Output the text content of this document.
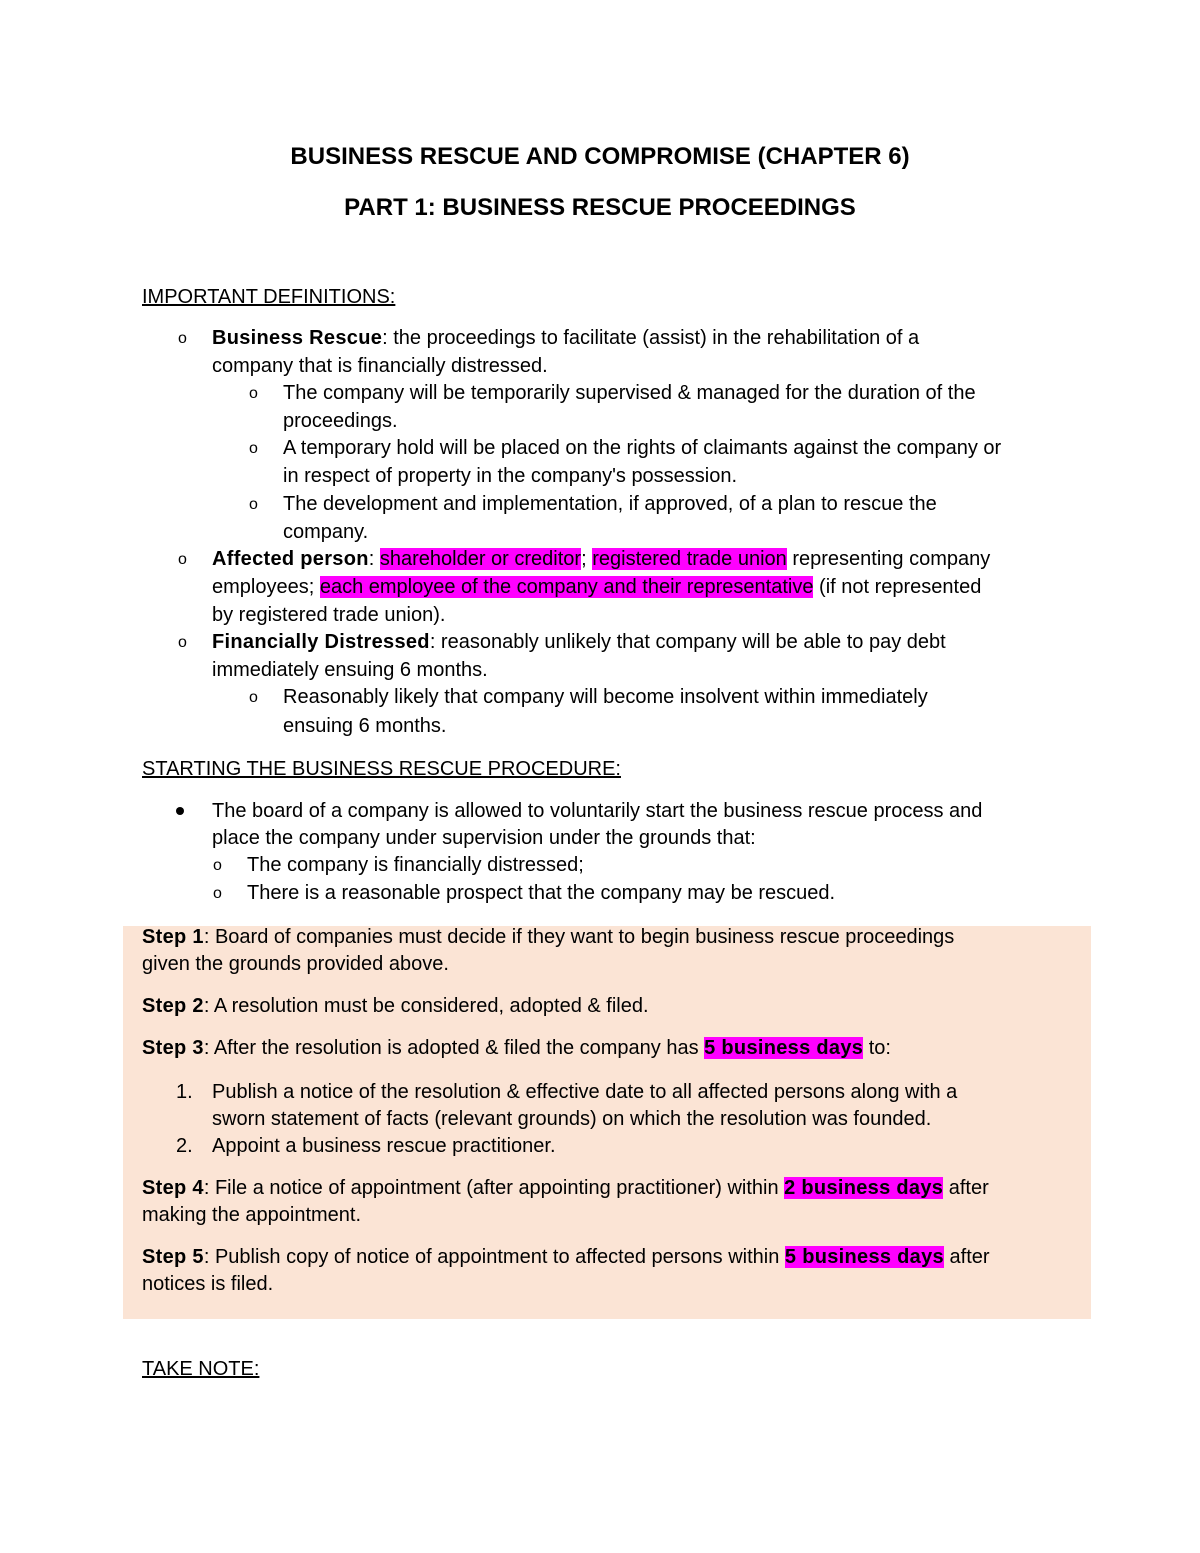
BUSINESS RESCUE AND COMPROMISE (CHAPTER 6)
PART 1: BUSINESS RESCUE PROCEEDINGS
IMPORTANT DEFINITIONS:
o Business Rescue: the proceedings to facilitate (assist) in the rehabilitation of a
company that is financially distressed.
o The company will be temporarily supervised & managed for the duration of the
proceedings.
o A temporary hold will be placed on the rights of claimants against the company or
in respect of property in the company's possession.
o The development and implementation, if approved, of a plan to rescue the
company.
o Affected person: shareholder or creditor; registered trade union representing company
employees; each employee of the company and their representative (if not represented
by registered trade union).
o Financially Distressed: reasonably unlikely that company will be able to pay debt
immediately ensuing 6 months.
o Reasonably likely that company will become insolvent within immediately
ensuing 6 months.
STARTING THE BUSINESS RESCUE PROCEDURE:
The board of a company is allowed to voluntarily start the business rescue process and
place the company under supervision under the grounds that:
o The company is financially distressed;
o There is a reasonable prospect that the company may be rescued.
Step 1: Board of companies must decide if they want to begin business rescue proceedings
given the grounds provided above.
Step 2: A resolution must be considered, adopted & filed.
Step 3: After the resolution is adopted & filed the company has 5 business days to:
1. Publish a notice of the resolution & effective date to all affected persons along with a
sworn statement of facts (relevant grounds) on which the resolution was founded.
2. Appoint a business rescue practitioner.
Step 4: File a notice of appointment (after appointing practitioner) within 2 business days after
making the appointment.
Step 5: Publish copy of notice of appointment to affected persons within 5 business days after
notices is filed.
TAKE NOTE:
